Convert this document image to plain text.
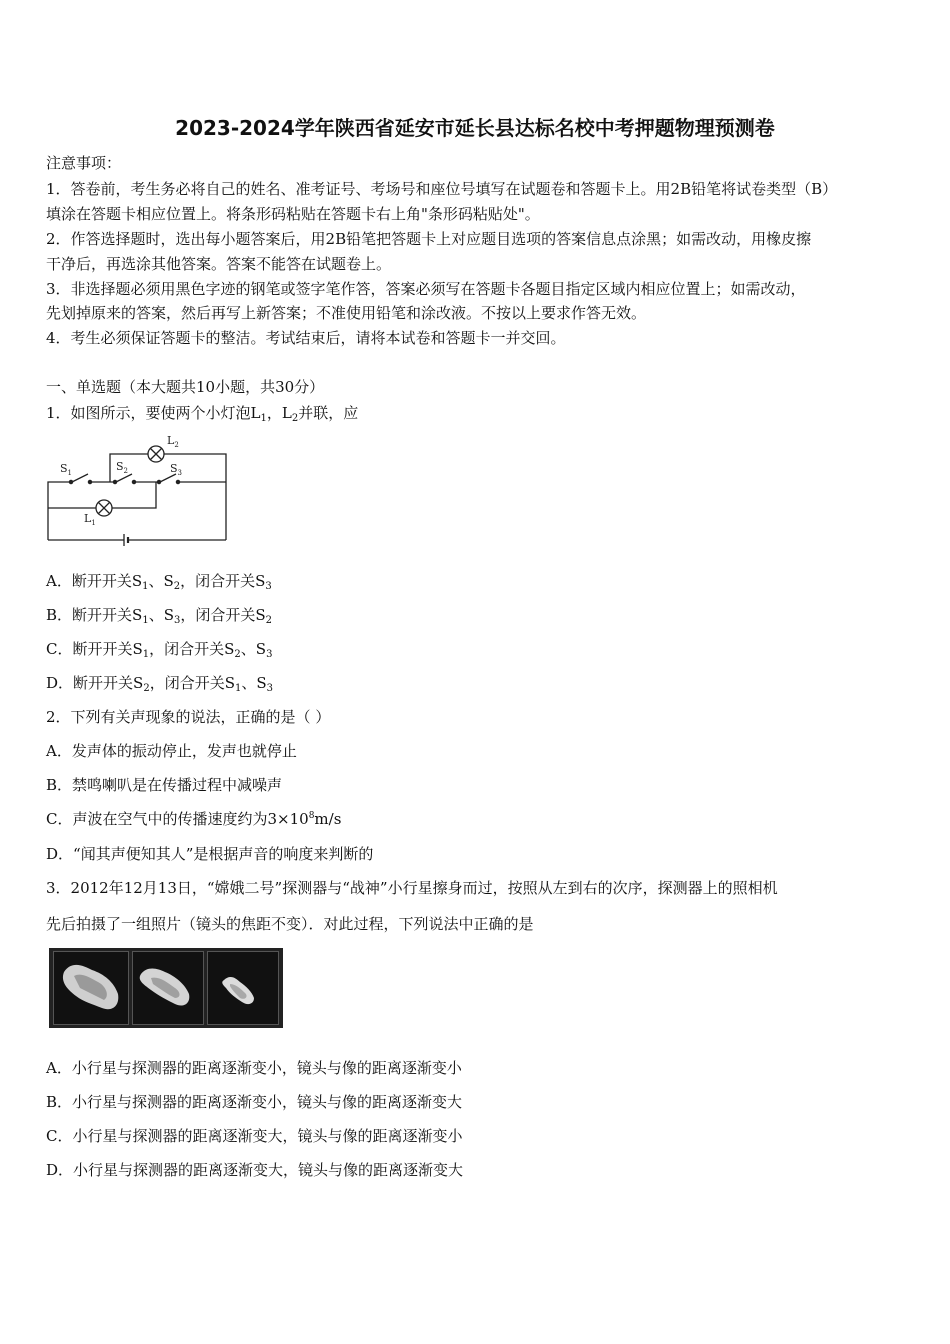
2023-2024学年陕西省延安市延长县达标名校中考押题物理预测卷
注意事项：
1．答卷前，考生务必将自己的姓名、准考证号、考场号和座位号填写在试题卷和答题卡上。用2B铅笔将试卷类型（B）
填涂在答题卡相应位置上。将条形码粘贴在答题卡右上角"条形码粘贴处"。
2．作答选择题时，选出每小题答案后，用2B铅笔把答题卡上对应题目选项的答案信息点涂黑；如需改动，用橡皮擦
干净后，再选涂其他答案。答案不能答在试题卷上。
3．非选择题必须用黑色字迹的钢笔或签字笔作答，答案必须写在答题卡各题目指定区域内相应位置上；如需改动，
先划掉原来的答案，然后再写上新答案；不准使用铅笔和涂改液。不按以上要求作答无效。
4．考生必须保证答题卡的整洁。考试结束后，请将本试卷和答题卡一并交回。
一、单选题（本大题共10小题，共30分）
1．如图所示，要使两个小灯泡$L_1$，$L_2$并联，应
$L_2$
$S_1$	$S_2$	$S_3$
$L_1$
A．断开开关$S_1$、$S_2$，闭合开关$S_3$
B．断开开关$S_1$、$S_3$，闭合开关$S_2$
C．断开开关$S_1$，闭合开关$S_2$、$S_3$
D．断开开关$S_2$，闭合开关$S_1$、$S_3$
2．下列有关声现象的说法，正确的是（ ）
A．发声体的振动停止，发声也就停止
B．禁鸣喇叭是在传播过程中减噪声
C．声波在空气中的传播速度约为$3\times 10^8m/s$
D．“闻其声便知其人”是根据声音的响度来判断的
3．2012年12月13日，“嫦娥二号”探测器与“战神”小行星擦身而过，按照从左到右的次序，探测器上的照相机
先后拍摄了一组照片（镜头的焦距不变）．对此过程，下列说法中正确的是
A．小行星与探测器的距离逐渐变小，镜头与像的距离逐渐变小
B．小行星与探测器的距离逐渐变小，镜头与像的距离逐渐变大
C．小行星与探测器的距离逐渐变大，镜头与像的距离逐渐变小
D．小行星与探测器的距离逐渐变大，镜头与像的距离逐渐变大
